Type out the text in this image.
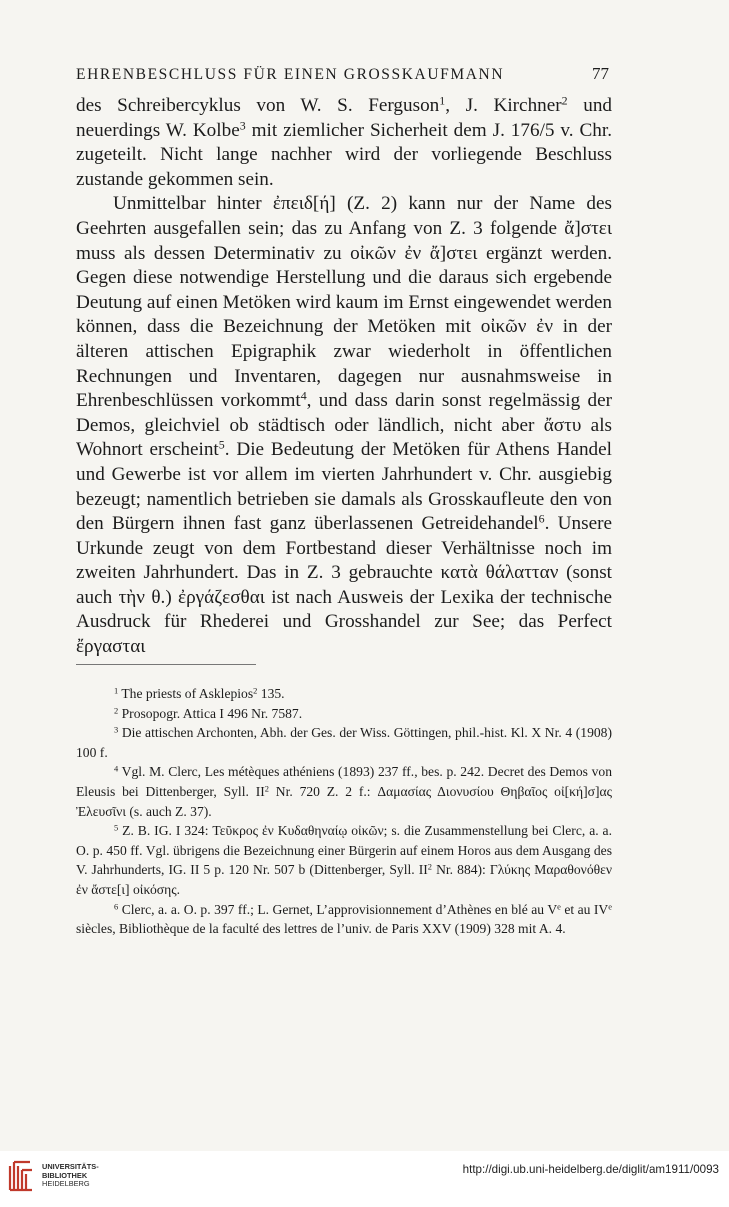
EHRENBESCHLUSS FÜR EINEN GROSSKAUFMANN	77

des Schreibercyklus von W. S. Ferguson$^1$, J. Kirchner$^2$ und neuerdings W. Kolbe$^3$ mit ziemlicher Sicherheit dem J. 176/5 v. Chr. zugeteilt. Nicht lange nachher wird der vorliegende Beschluss zustande gekommen sein.

Unmittelbar hinter ἐπειδ[ή] (Z. 2) kann nur der Name des Geehrten ausgefallen sein; das zu Anfang von Z. 3 folgende ἄ]στει muss als dessen Determinativ zu οἰκῶν ἐν ἄ]στει ergänzt werden. Gegen diese notwendige Herstellung und die daraus sich ergebende Deutung auf einen Metöken wird kaum im Ernst eingewendet werden können, dass die Bezeichnung der Metöken mit οἰκῶν ἐν in der älteren attischen Epigraphik zwar wiederholt in öffentlichen Rechnungen und Inventaren, dagegen nur ausnahmsweise in Ehrenbeschlüssen vorkommt$^4$, und dass darin sonst regelmässig der Demos, gleichviel ob städtisch oder ländlich, nicht aber ἄστυ als Wohnort erscheint$^5$. Die Bedeutung der Metöken für Athens Handel und Gewerbe ist vor allem im vierten Jahrhundert v. Chr. ausgiebig bezeugt; namentlich betrieben sie damals als Grosskaufleute den von den Bürgern ihnen fast ganz überlassenen Getreidehandel$^6$. Unsere Urkunde zeugt von dem Fortbestand dieser Verhältnisse noch im zweiten Jahrhundert. Das in Z. 3 gebrauchte κατὰ θάλατταν (sonst auch τὴν θ.) ἐργάζεσθαι ist nach Ausweis der Lexika der technische Ausdruck für Rhederei und Grosshandel zur See; das Perfect ἔργασται

$^1$ The priests of Asklepios$^2$ 135.

$^2$ Prosopogr. Attica I 496 Nr. 7587.

$^3$ Die attischen Archonten, Abh. der Ges. der Wiss. Göttingen, phil.-hist. Kl. X Nr. 4 (1908) 100 f.

$^4$ Vgl. M. Clerc, Les métèques athéniens (1893) 237 ff., bes. p. 242. Decret des Demos von Eleusis bei Dittenberger, Syll. $II^2$ Nr. 720 Z. 2 f.: Δαμασίας Διονυσίου Θηβαῖος οἰ[κή]σ]ας Ἐλευσῖνι (s. auch Z. 37).

$^5$ Z. B. IG. I 324: Τεῦκρος ἐν Κυδαθηναίῳ οἰκῶν; s. die Zusammenstellung bei Clerc, a. a. O. p. 450 ff. Vgl. übrigens die Bezeichnung einer Bürgerin auf einem Horos aus dem Ausgang des V. Jahrhunderts, IG. II 5 p. 120 Nr. 507 b (Dittenberger, Syll. $II^2$ Nr. 884): Γλύκης Μαραθονόθεν ἐν ἄστε[ι] οἰκόσης.

$^6$ Clerc, a. a. O. p. 397 ff.; L. Gernet, L’approvisionnement d’Athènes en blé au Ve et au IVe siècles, Bibliothèque de la faculté des lettres de l’univ. de Paris XXV (1909) 328 mit A. 4.

UNIVERSITÄTS-
BIBLIOTHEK
HEIDELBERG
http://digi.ub.uni-heidelberg.de/diglit/am1911/0093
